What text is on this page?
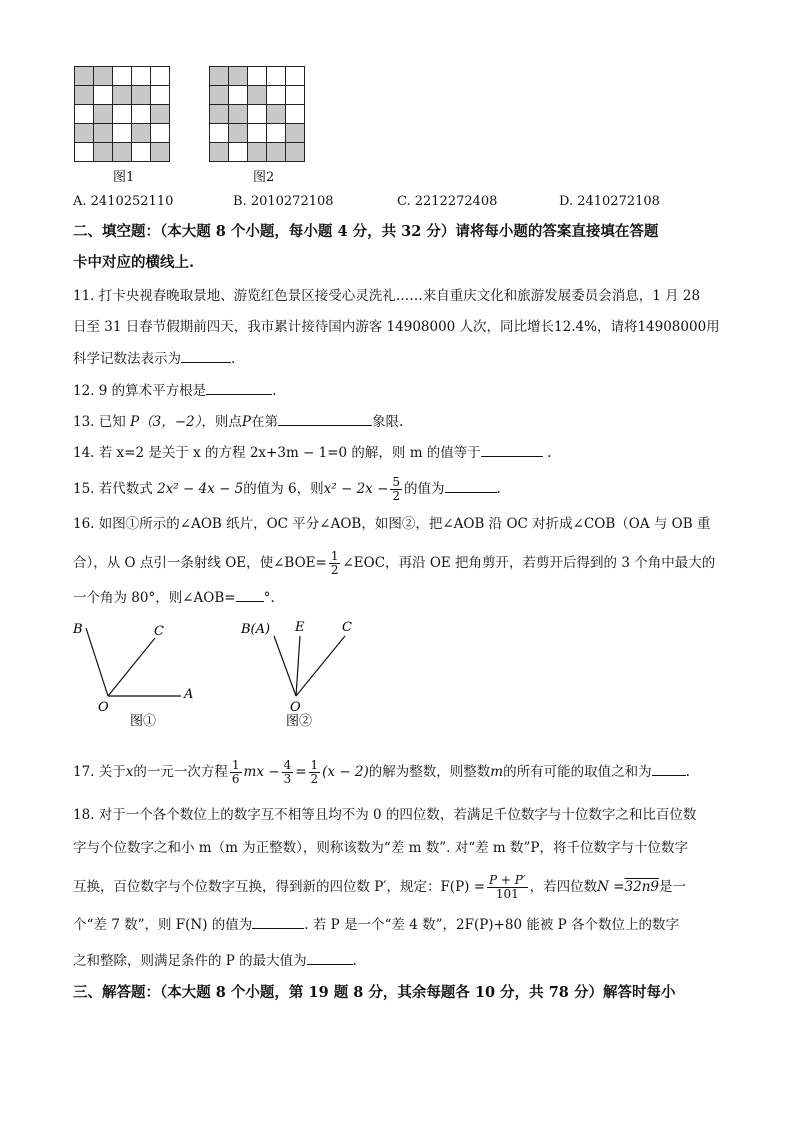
图1	图2
A. 2410252110	B. 2010272108	C. 2212272408	D. 2410272108
二、填空题：（本大题 8 个小题，每小题 4 分，共 32 分）请将每小题的答案直接填在答题
卡中对应的横线上.
11. 打卡央视春晚取景地、游览红色景区接受心灵洗礼……来自重庆文化和旅游发展委员会消息，1 月 28
日至 31 日春节假期前四天，我市累计接待国内游客 14908000 人次，同比增长12.4%，请将14908000用
科学记数法表示为	.
12. 9 的算术平方根是	.
13. 已知 P（3，−2），则点P在第	象限.
14. 若 x=2 是关于 x 的方程 2x+3m − 1=0 的解，则 m 的值等于	.
15. 若代数式 2x² − 4x − 5的值为 6，则$x^2 - 2x - \frac{5}{2}$ 的值为	.
16. 如图①所示的∠AOB 纸片，OC 平分∠AOB，如图②，把∠AOB 沿 OC 对折成∠COB（OA 与 OB 重
合），从 O 点引一条射线 OE，使∠BOE= $\frac{1}{2}$ ∠EOC，再沿 OE 把角剪开，若剪开后得到的 3 个角中最大的
一个角为 80°，则∠AOB= °.
B	C
A
O
图①
B(A) E	C
O
图②
17. 关于x的一元一次方程 $\frac{1}{6}$ mx − $\frac{4}{3} = \frac{1}{2} (x - 2)$的解为整数，则整数m的所有可能的取值之和为	.
18. 对于一个各个数位上的数字互不相等且均不为 0 的四位数，若满足千位数字与十位数字之和比百位数
字与个位数字之和小 m（m 为正整数），则称该数为“差 m 数”. 对“差 m 数”P，将千位数字与十位数字
互换，百位数字与个位数字互换，得到新的四位数 P′，规定：$F(P) = \frac{P + P'}{101}$ ，若四位数N =32n9是一
个“差 7 数”，则 F(N) 的值为	. 若 P 是一个“差 4 数”，2F(P)+80 能被 P 各个数位上的数字
之和整除，则满足条件的 P 的最大值为	.
三、解答题：（本大题 8 个小题，第 19 题 8 分，其余每题各 10 分，共 78 分）解答时每小
